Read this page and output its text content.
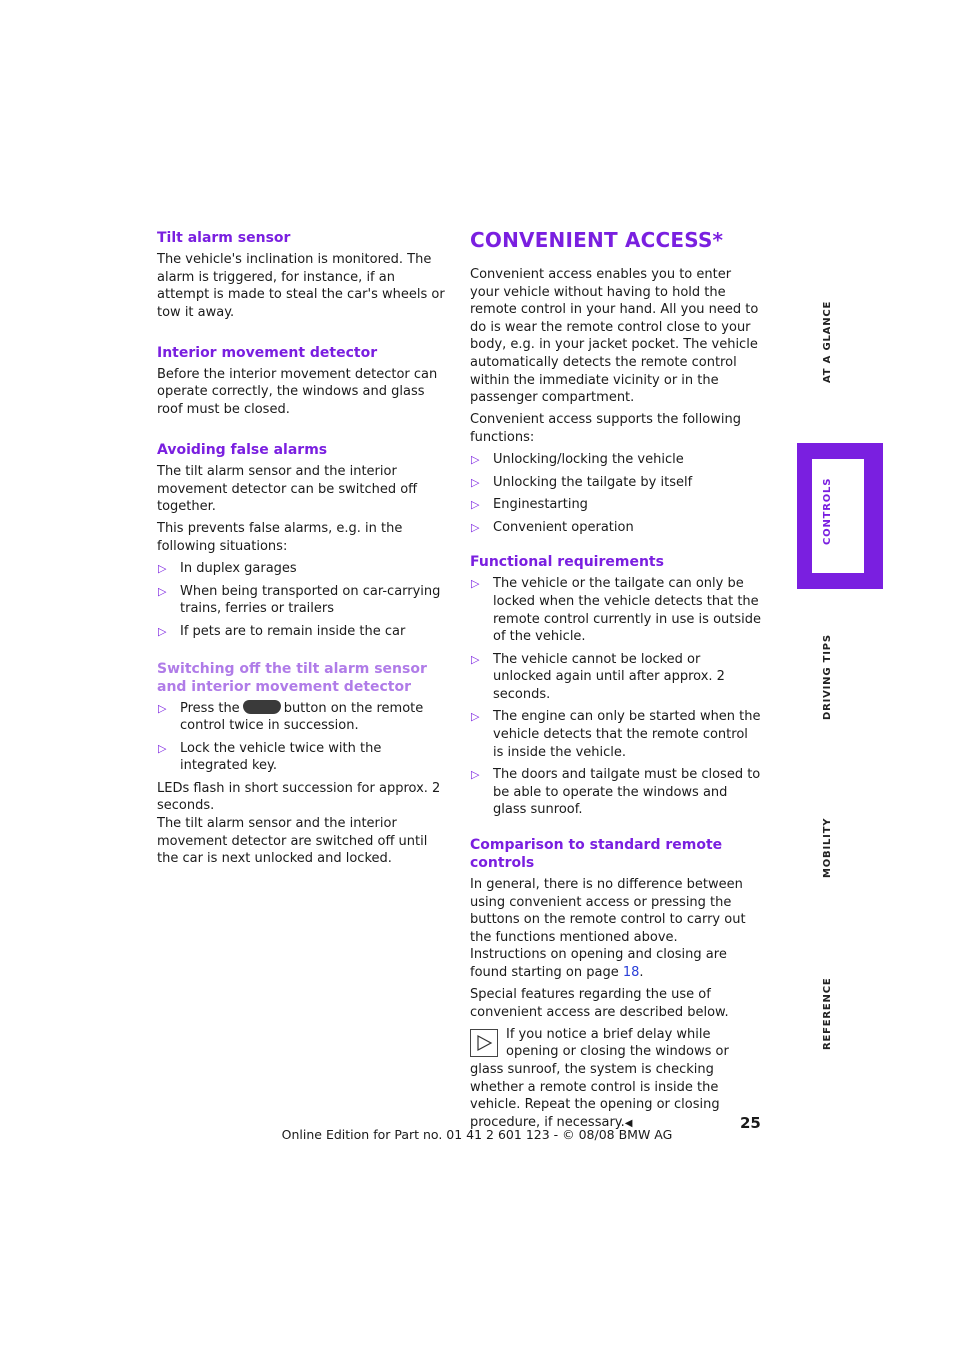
Tilt alarm sensor

The vehicle's inclination is monitored. The alarm is triggered, for instance, if an attempt is made to steal the car's wheels or tow it away.

Interior movement detector

Before the interior movement detector can operate correctly, the windows and glass roof must be closed.

Avoiding false alarms

The tilt alarm sensor and the interior movement detector can be switched off together.

This prevents false alarms, e.g. in the following situations:

▷ In duplex garages
▷ When being transported on car-carrying trains, ferries or trailers
▷ If pets are to remain inside the car
Switching off the tilt alarm sensor and interior movement detector
▷ Press the	button on the remote control twice in succession.
▷ Lock the vehicle twice with the integrated key.

LEDs flash in short succession for approx. 2 seconds.

The tilt alarm sensor and the interior movement detector are switched off until the car is next unlocked and locked.

CONVENIENT ACCESS*

Convenient access enables you to enter your vehicle without having to hold the remote control in your hand. All you need to do is wear the remote control close to your body, e.g. in your jacket pocket. The vehicle automatically detects the remote control within the immediate vicinity or in the passenger compartment.

Convenient access supports the following functions:

▷ Unlocking/locking the vehicle
▷ Unlocking the tailgate by itself
▷ Enginestarting
▷ Convenient operation
Functional requirements
▷ The vehicle or the tailgate can only be locked when the vehicle detects that the remote control currently in use is outside of the vehicle.
▷ The vehicle cannot be locked or unlocked again until after approx. 2 seconds.
▷ The engine can only be started when the vehicle detects that the remote control is inside the vehicle.
▷ The doors and tailgate must be closed to be able to operate the windows and glass sunroof.
Comparison to standard remote controls

In general, there is no difference between using convenient access or pressing the buttons on the remote control to carry out the functions mentioned above.

Instructions on opening and closing are found starting on page 18.

Special features regarding the use of convenient access are described below.

If you notice a brief delay while opening or closing the windows or glass sunroof, the system is checking whether a remote control is inside the vehicle. Repeat the opening or closing procedure, if necessary.◀
AT A GLANCE
CONTROLS
DRIVING TIPS
MOBILITY
REFERENCE
25
Online Edition for Part no. 01 41 2 601 123 - © 08/08 BMW AG
